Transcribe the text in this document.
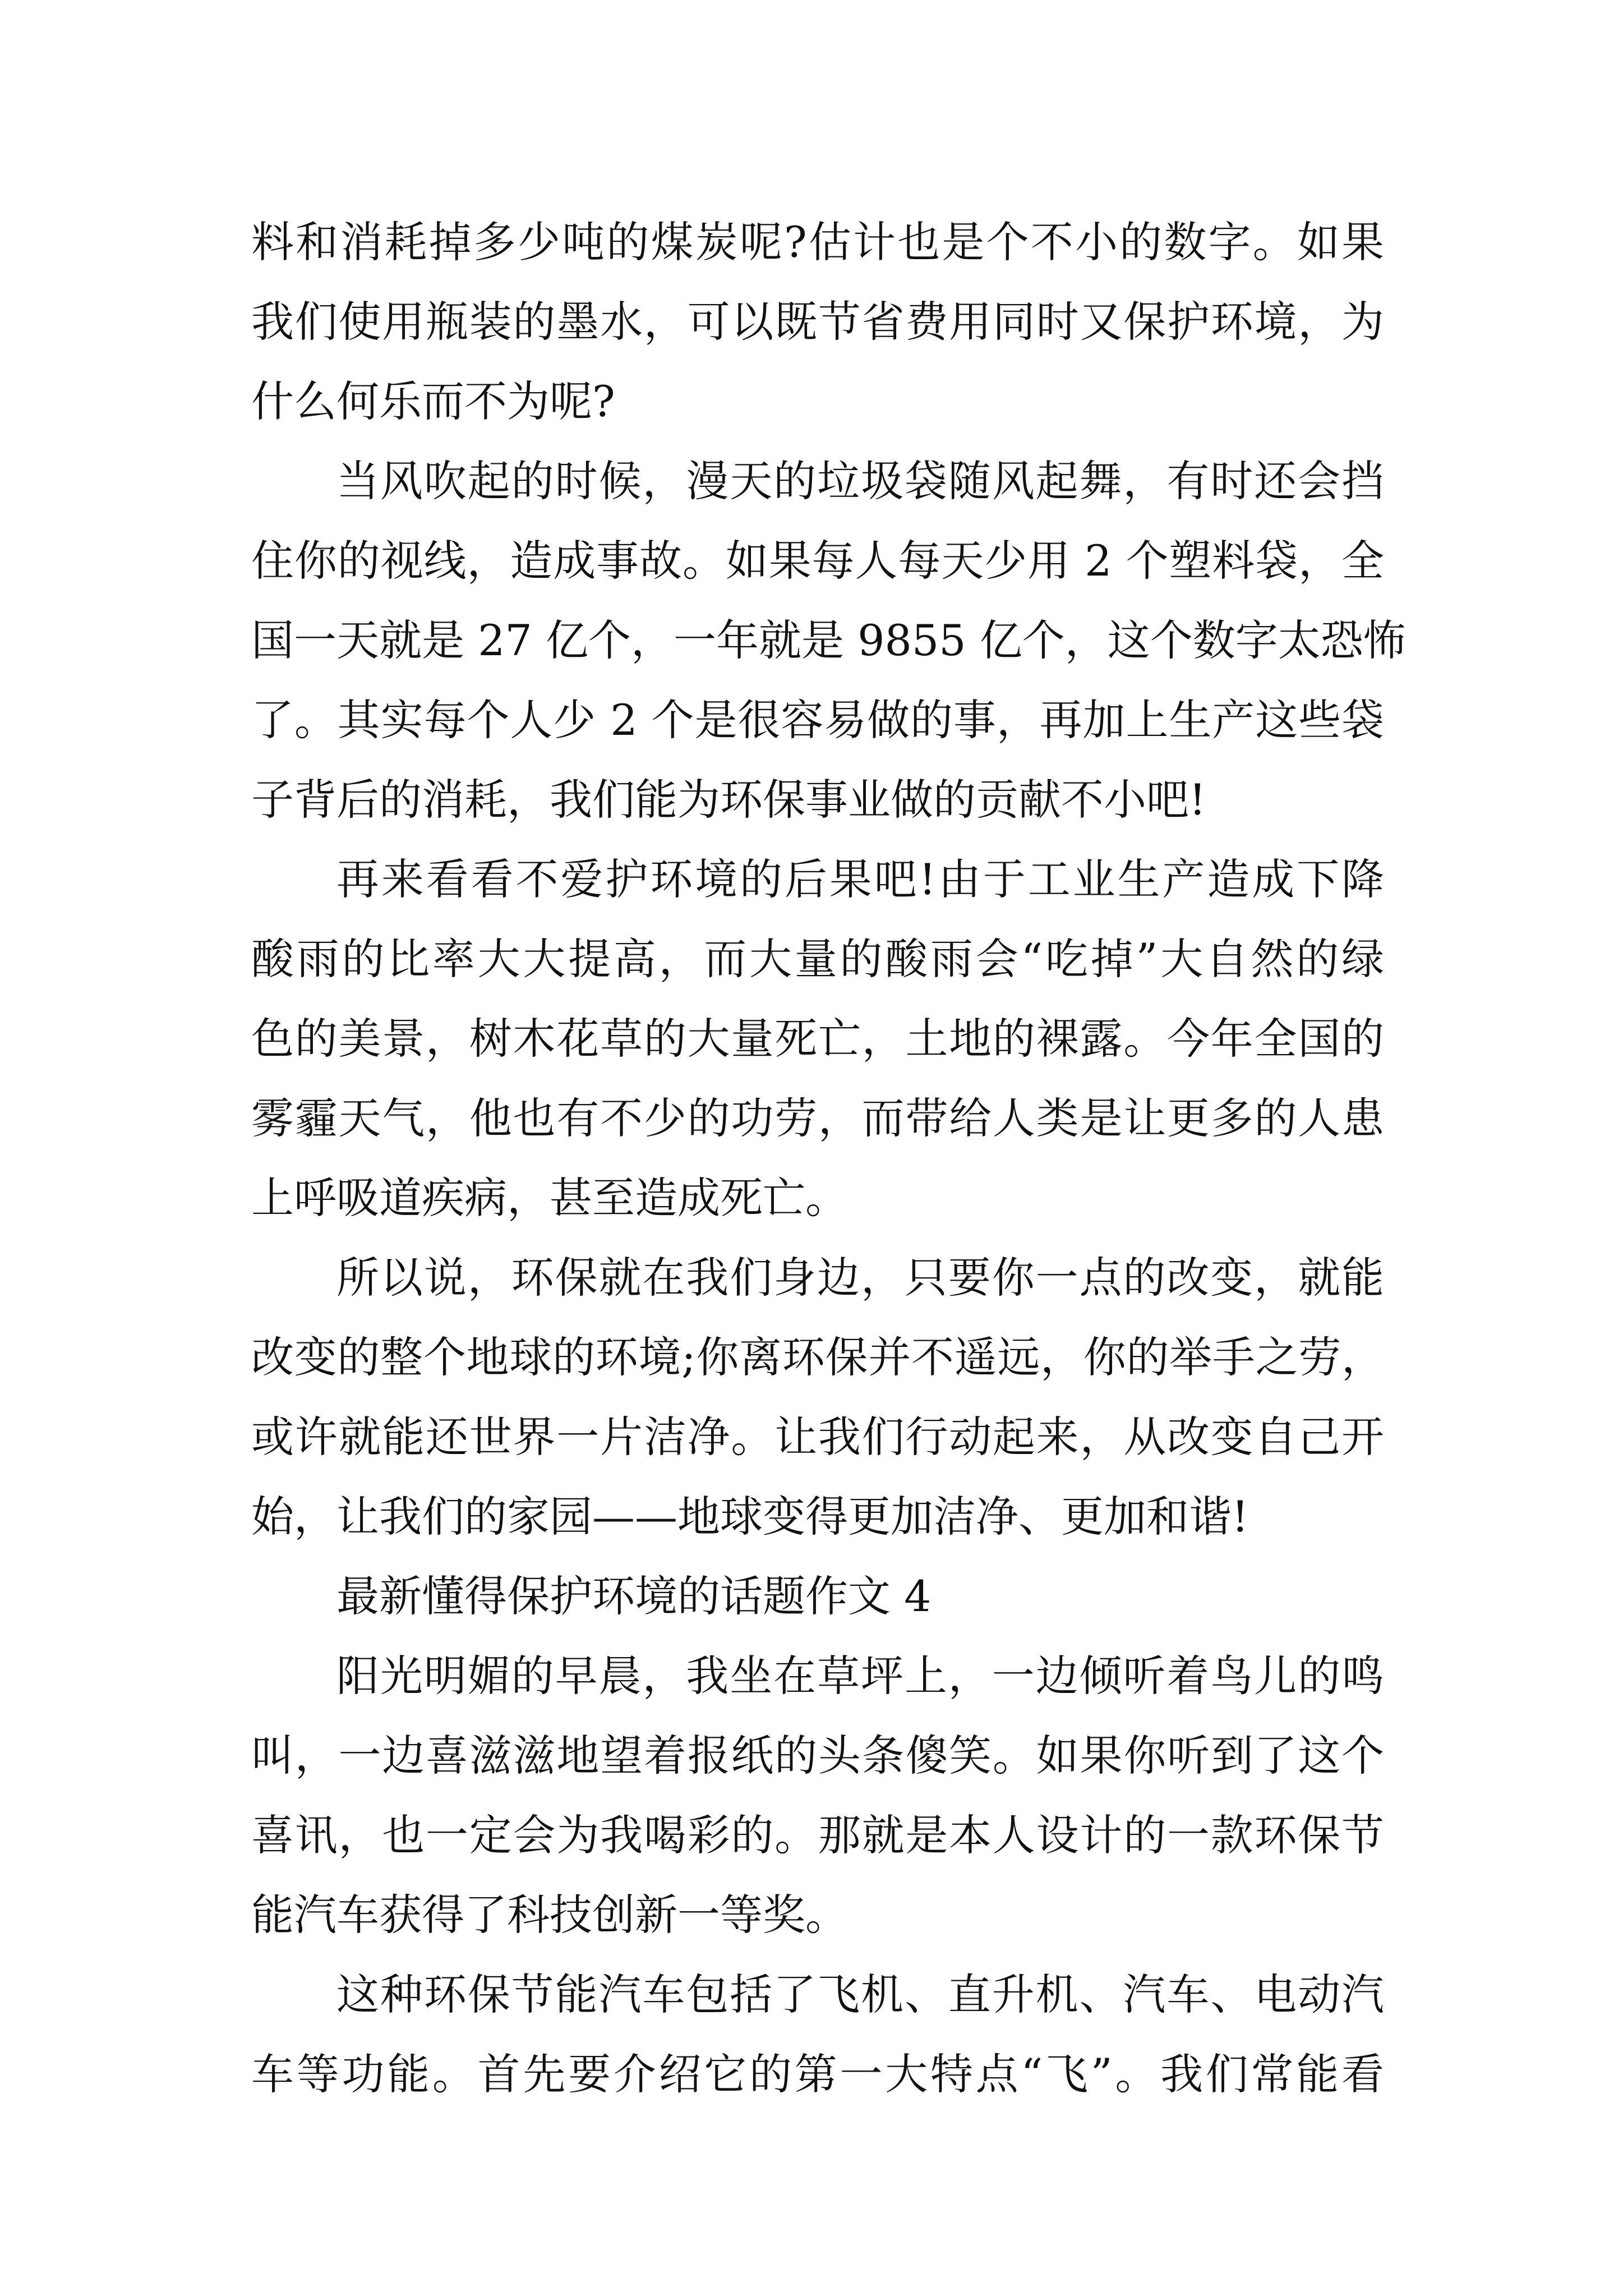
料和消耗掉多少吨的煤炭呢?估计也是个不小的数字。如果
我们使用瓶装的墨水，可以既节省费用同时又保护环境，为
什么何乐而不为呢?
当风吹起的时候，漫天的垃圾袋随风起舞，有时还会挡
住你的视线，造成事故。如果每人每天少用 2 个塑料袋，全
国一天就是 27 亿个，一年就是 9855 亿个，这个数字太恐怖
了。其实每个人少 2 个是很容易做的事，再加上生产这些袋
子背后的消耗，我们能为环保事业做的贡献不小吧!
再来看看不爱护环境的后果吧!由于工业生产造成下降
酸雨的比率大大提高，而大量的酸雨会“吃掉”大自然的绿
色的美景，树木花草的大量死亡，土地的裸露。今年全国的
雾霾天气，他也有不少的功劳，而带给人类是让更多的人患
上呼吸道疾病，甚至造成死亡。
所以说，环保就在我们身边，只要你一点的改变，就能
改变的整个地球的环境;你离环保并不遥远，你的举手之劳，
或许就能还世界一片洁净。让我们行动起来，从改变自己开
始，让我们的家园——地球变得更加洁净、更加和谐!
最新懂得保护环境的话题作文 4
阳光明媚的早晨，我坐在草坪上，一边倾听着鸟儿的鸣
叫，一边喜滋滋地望着报纸的头条傻笑。如果你听到了这个
喜讯，也一定会为我喝彩的。那就是本人设计的一款环保节
能汽车获得了科技创新一等奖。
这种环保节能汽车包括了飞机、直升机、汽车、电动汽
车等功能。首先要介绍它的第一大特点“飞”。我们常能看
